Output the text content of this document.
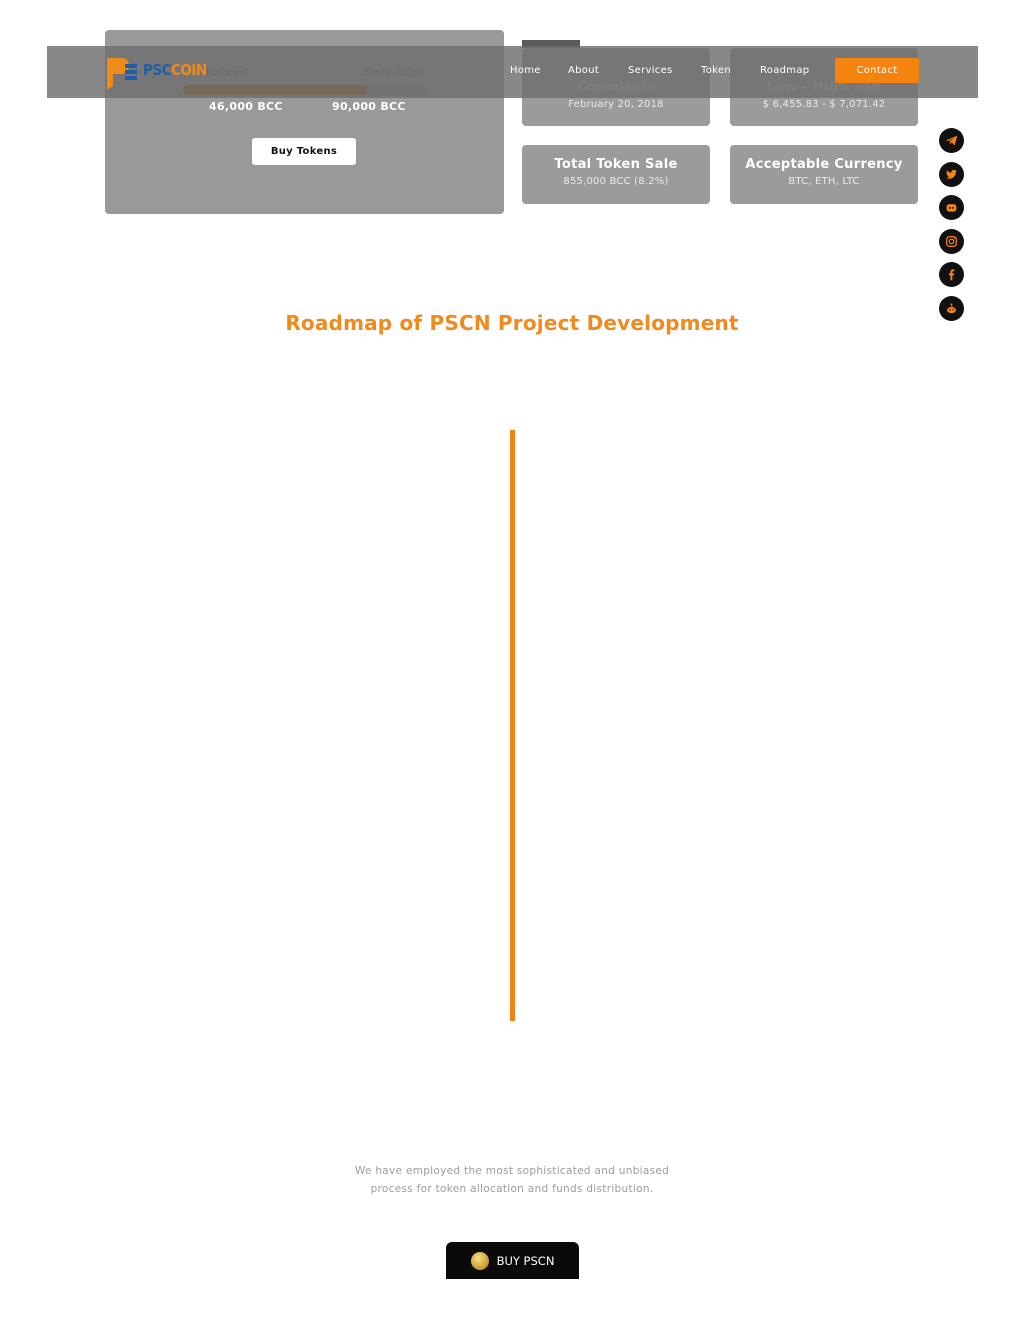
46,000 BCC	90,000 BCC
Buy Tokens
February 20, 2018	$ 6,455.83 - $ 7,071.42
Total Token Sale
855,000 BCC (8.2%)
Acceptable Currency
BTC, ETH, LTC
PSCCOIN	Home	About	Services	Token	Roadmap	Contact
Roadmap of PSCN Project Development
We have employed the most sophisticated and unbiased
process for token allocation and funds distribution.
BUY PSCN
